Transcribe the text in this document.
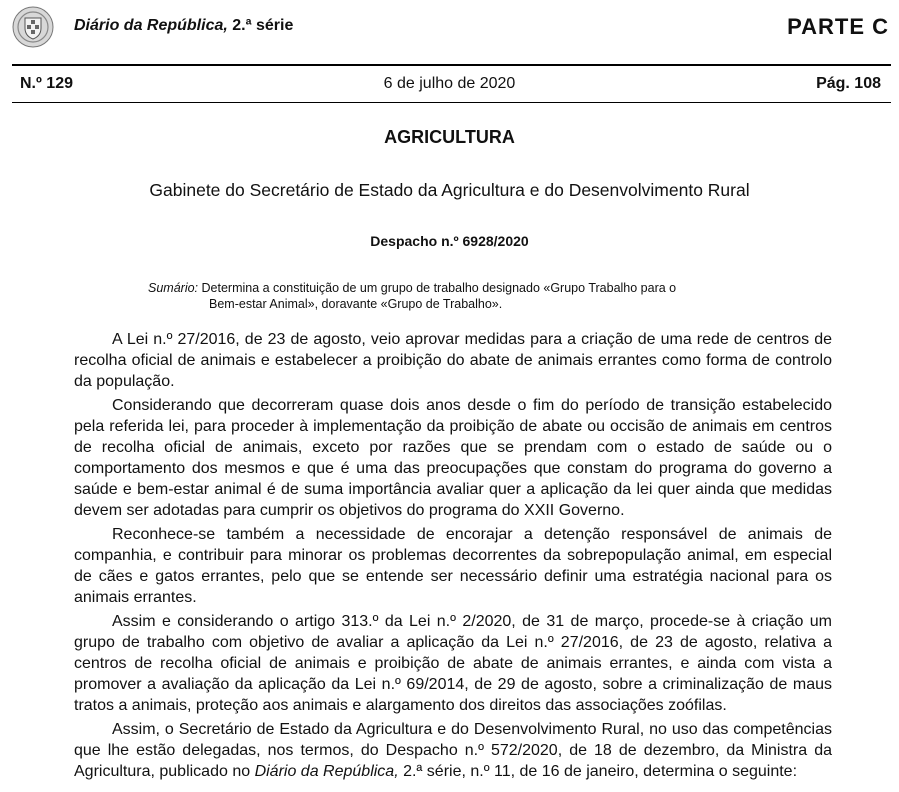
Diário da República, 2.ª série	PARTE C
N.º 129	6 de julho de 2020	Pág. 108
AGRICULTURA
Gabinete do Secretário de Estado da Agricultura e do Desenvolvimento Rural
Despacho n.º 6928/2020
Sumário: Determina a constituição de um grupo de trabalho designado «Grupo Trabalho para o
Bem-estar Animal», doravante «Grupo de Trabalho».

A Lei n.º 27/2016, de 23 de agosto, veio aprovar medidas para a criação de uma rede de centros de recolha oficial de animais e estabelecer a proibição do abate de animais errantes como forma de controlo da população.

Considerando que decorreram quase dois anos desde o fim do período de transição estabelecido pela referida lei, para proceder à implementação da proibição de abate ou occisão de animais em centros de recolha oficial de animais, exceto por razões que se prendam com o estado de saúde ou o comportamento dos mesmos e que é uma das preocupações que constam do programa do governo a saúde e bem-estar animal é de suma importância avaliar quer a aplicação da lei quer ainda que medidas devem ser adotadas para cumprir os objetivos do programa do XXII Governo.

Reconhece-se também a necessidade de encorajar a detenção responsável de animais de companhia, e contribuir para minorar os problemas decorrentes da sobrepopulação animal, em especial de cães e gatos errantes, pelo que se entende ser necessário definir uma estratégia nacional para os animais errantes.

Assim e considerando o artigo 313.º da Lei n.º 2/2020, de 31 de março, procede-se à criação um grupo de trabalho com objetivo de avaliar a aplicação da Lei n.º 27/2016, de 23 de agosto, relativa a centros de recolha oficial de animais e proibição de abate de animais errantes, e ainda com vista a promover a avaliação da aplicação da Lei n.º 69/2014, de 29 de agosto, sobre a criminalização de maus tratos a animais, proteção aos animais e alargamento dos direitos das associações zoófilas.

Assim, o Secretário de Estado da Agricultura e do Desenvolvimento Rural, no uso das competências que lhe estão delegadas, nos termos, do Despacho n.º 572/2020, de 18 de dezembro, da Ministra da Agricultura, publicado no Diário da República, 2.ª série, n.º 11, de 16 de janeiro, determina o seguinte:
